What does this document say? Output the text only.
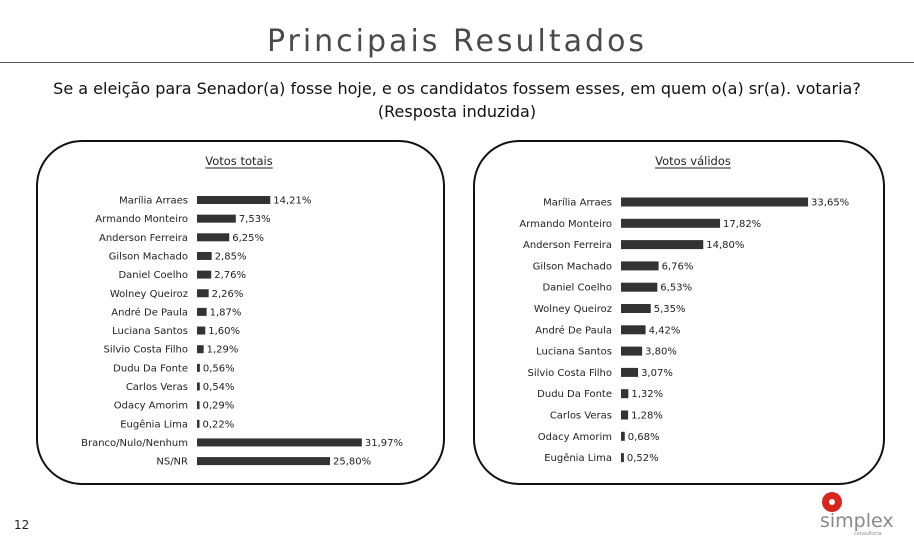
Principais Resultados
Se a eleição para Senador(a) fosse hoje, e os candidatos fossem esses, em quem o(a) sr(a). votaria?
(Resposta induzida)
Votos totais
Marília Arraes	14,21%
Armando Monteiro	7,53%
Anderson Ferreira	6,25%
Gilson Machado	2,85%
Daniel Coelho	2,76%
Wolney Queiroz 2,26%
André De Paula 1,87%
Luciana Santos 1,60%
Silvio Costa Filho 1,29%
Dudu Da Fonte 0,56%
Carlos Veras 0,54%
Odacy Amorim 0,29%
Eugênia Lima 0,22%
Branco/Nulo/Nenhum	31,97%
NS/NR	25,80%
Votos válidos
Marília Arraes	33,65%
Armando Monteiro	17,82%
Anderson Ferreira	14,80%
Gilson Machado	6,76%
Daniel Coelho	6,53%
Wolney Queiroz	5,35%
André De Paula	4,42%
Luciana Santos	3,80%
Silvio Costa Filho	3,07%
Dudu Da Fonte 1,32%
Carlos Veras 1,28%
Odacy Amorim 0,68%
Eugênia Lima 0,52%
12	simplex
consultoria
